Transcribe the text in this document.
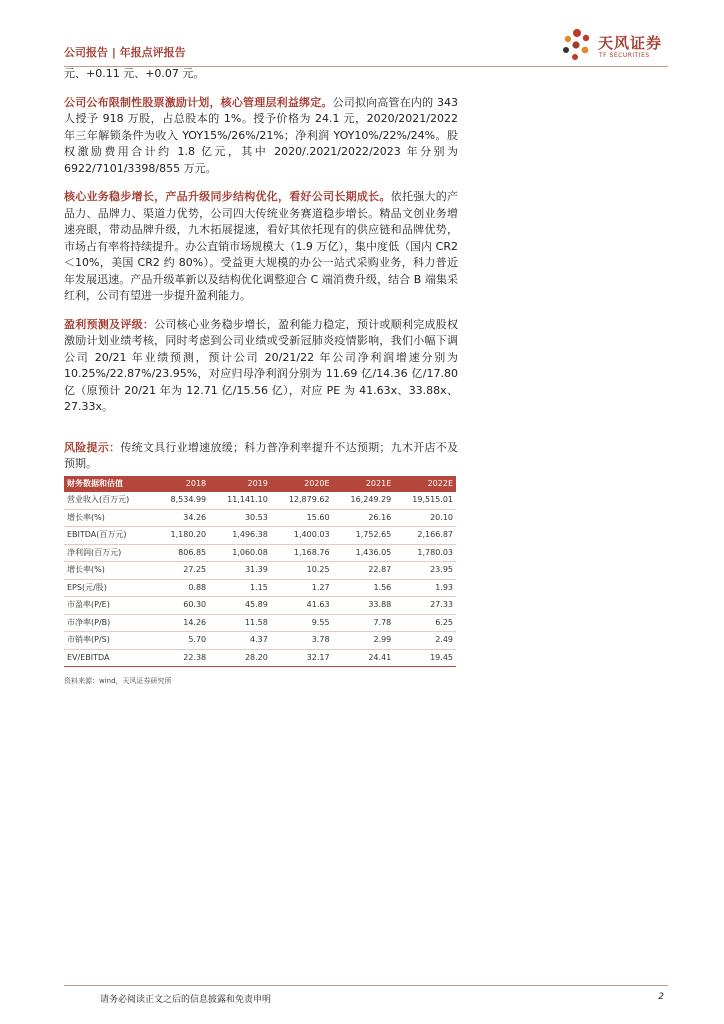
公司报告 | 年报点评报告
天风证券
TF SECURITIES

元、+0.11 元、+0.07 元。

公司公布限制性股票激励计划，核心管理层利益绑定。公司拟向高管在内的 343 人授予 918 万股，占总股本的 1%。授予价格为 24.1 元，2020/2021/2022 年三年解锁条件为收入 YOY15%/26%/21%；净利润 YOY10%/22%/24%。股权激励费用合计约 1.8 亿元，其中 2020/.2021/2022/2023 年分别为 6922/7101/3398/855 万元。

核心业务稳步增长，产品升级同步结构优化，看好公司长期成长。依托强大的产品力、品牌力、渠道力优势，公司四大传统业务赛道稳步增长。精品文创业务增速亮眼，带动品牌升级，九木拓展提速，看好其依托现有的供应链和品牌优势，市场占有率将持续提升。办公直销市场规模大（1.9 万亿），集中度低（国内 CR2＜10%，美国 CR2 约 80%）。受益更大规模的办公一站式采购业务，科力普近年发展迅速。产品升级革新以及结构优化调整迎合 C 端消费升级，结合 B 端集采红利，公司有望进一步提升盈利能力。

盈利预测及评级：公司核心业务稳步增长，盈利能力稳定，预计或顺利完成股权激励计划业绩考核，同时考虑到公司业绩或受新冠肺炎疫情影响，我们小幅下调公司 20/21 年业绩预测，预计公司 20/21/22 年公司净利润增速分别为 10.25%/22.87%/23.95%，对应归母净利润分别为 11.69 亿/14.36 亿/17.80 亿（原预计 20/21 年为 12.71 亿/15.56 亿），对应 PE 为 41.63x、33.88x、27.33x。

风险提示：传统文具行业增速放缓；科力普净利率提升不达预期；九木开店不及预期。

财务数据和估值	2018	2019	2020E	2021E	2022E
营业收入(百万元)	8,534.99	11,141.10	12,879.62	16,249.29	19,515.01
增长率(%)	34.26	30.53	15.60	26.16	20.10
EBITDA(百万元)	1,180.20	1,496.38	1,400.03	1,752.65	2,166.87
净利润(百万元)	806.85	1,060.08	1,168.76	1,436.05	1,780.03
增长率(%)	27.25	31.39	10.25	22.87	23.95
EPS(元/股)	0.88	1.15	1.27	1.56	1.93
市盈率(P/E)	60.30	45.89	41.63	33.88	27.33
市净率(P/B)	14.26	11.58	9.55	7.78	6.25
市销率(P/S)	5.70	4.37	3.78	2.99	2.49
EV/EBITDA	22.38	28.20	32.17	24.41	19.45
资料来源：wind，天风证券研究所
请务必阅读正文之后的信息披露和免责申明	2
